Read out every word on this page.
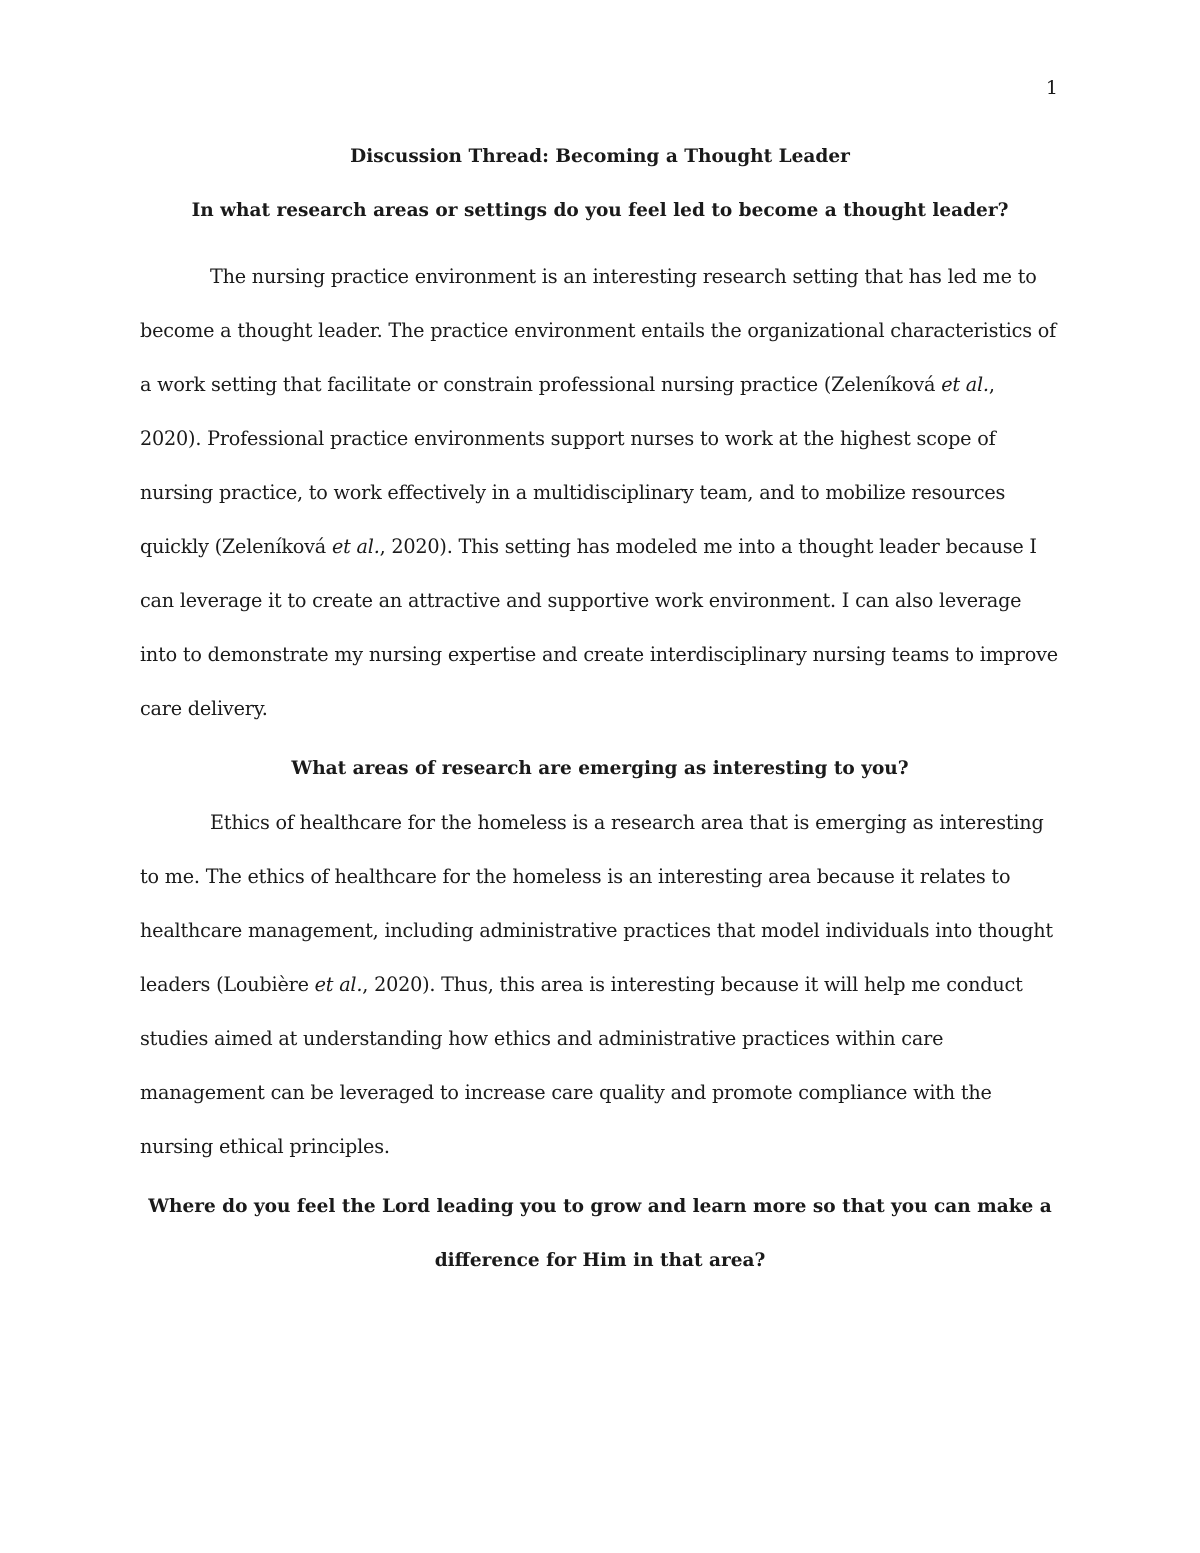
1
Discussion Thread: Becoming a Thought Leader
In what research areas or settings do you feel led to become a thought leader?

The nursing practice environment is an interesting research setting that has led me to become a thought leader. The practice environment entails the organizational characteristics of a work setting that facilitate or constrain professional nursing practice (Zeleníková et al., 2020). Professional practice environments support nurses to work at the highest scope of nursing practice, to work effectively in a multidisciplinary team, and to mobilize resources quickly (Zeleníková et al., 2020). This setting has modeled me into a thought leader because I can leverage it to create an attractive and supportive work environment. I can also leverage into to demonstrate my nursing expertise and create interdisciplinary nursing teams to improve care delivery.

What areas of research are emerging as interesting to you?

Ethics of healthcare for the homeless is a research area that is emerging as interesting to me. The ethics of healthcare for the homeless is an interesting area because it relates to healthcare management, including administrative practices that model individuals into thought leaders (Loubière et al., 2020). Thus, this area is interesting because it will help me conduct studies aimed at understanding how ethics and administrative practices within care management can be leveraged to increase care quality and promote compliance with the nursing ethical principles.

Where do you feel the Lord leading you to grow and learn more so that you can make a difference for Him in that area?
